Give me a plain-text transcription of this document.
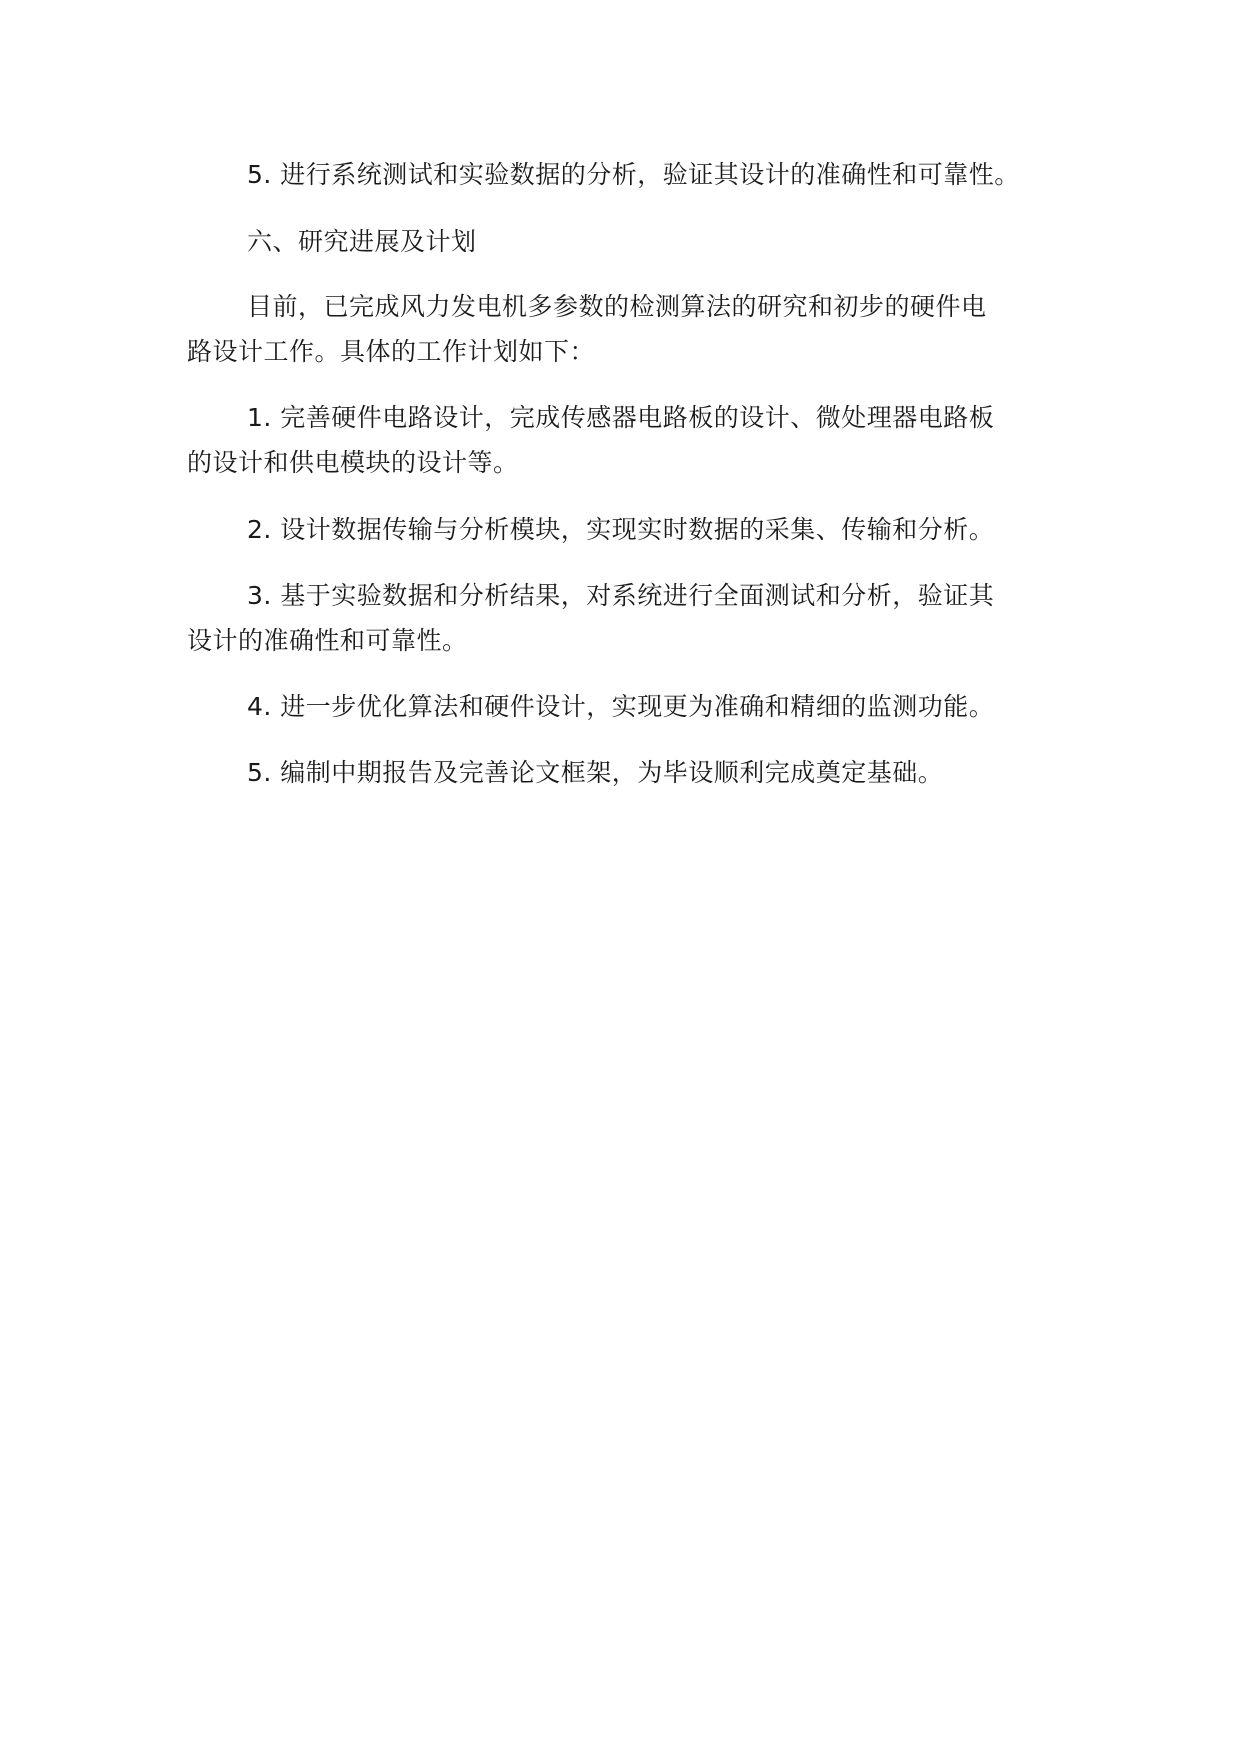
5. 进行系统测试和实验数据的分析，验证其设计的准确性和可靠性。

六、研究进展及计划

目前，已完成风力发电机多参数的检测算法的研究和初步的硬件电
路设计工作。具体的工作计划如下：

1. 完善硬件电路设计，完成传感器电路板的设计、微处理器电路板
的设计和供电模块的设计等。

2. 设计数据传输与分析模块，实现实时数据的采集、传输和分析。

3. 基于实验数据和分析结果，对系统进行全面测试和分析，验证其
设计的准确性和可靠性。

4. 进一步优化算法和硬件设计，实现更为准确和精细的监测功能。

5. 编制中期报告及完善论文框架，为毕设顺利完成奠定基础。
